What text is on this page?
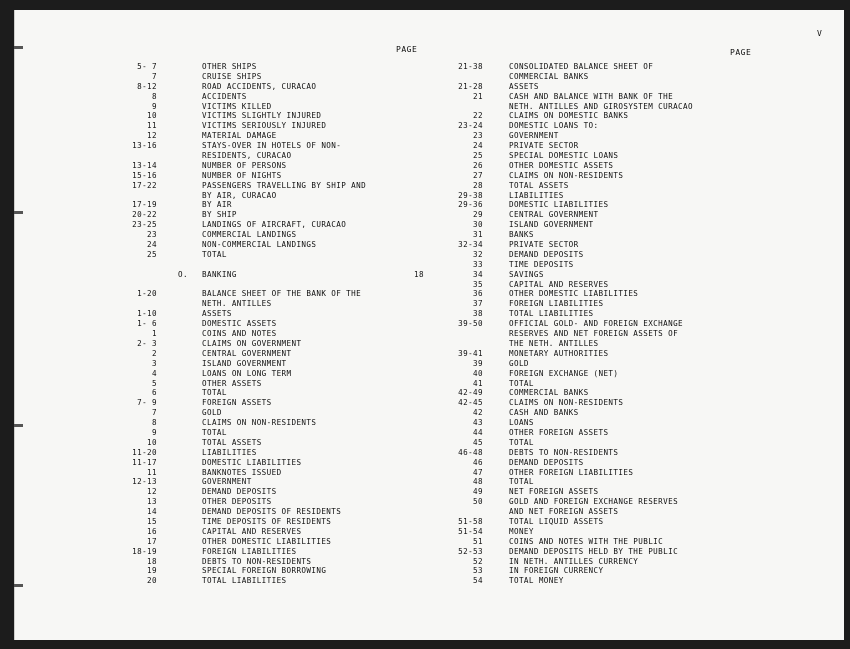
V
PAGE	PAGE
5- 7	OTHER SHIPS
7	CRUISE SHIPS
8-12	ROAD ACCIDENTS, CURACAO
8	ACCIDENTS
9	VICTIMS KILLED
10	VICTIMS SLIGHTLY INJURED
11	VICTIMS SERIOUSLY INJURED
12	MATERIAL DAMAGE
13-16	STAYS-OVER IN HOTELS OF NON-
RESIDENTS, CURACAO
13-14	NUMBER OF PERSONS
15-16	NUMBER OF NIGHTS
17-22	PASSENGERS TRAVELLING BY SHIP AND
BY AIR, CURACAO
17-19	BY AIR
20-22	BY SHIP
23-25	LANDINGS OF AIRCRAFT, CURACAO
23	COMMERCIAL LANDINGS
24	NON-COMMERCIAL LANDINGS
25	TOTAL
O. BANKING	18
1-20	BALANCE SHEET OF THE BANK OF THE
NETH. ANTILLES
1-10	ASSETS
1- 6	DOMESTIC ASSETS
1	COINS AND NOTES
2- 3	CLAIMS ON GOVERNMENT
2	CENTRAL GOVERNMENT
3	ISLAND GOVERNMENT
4	LOANS ON LONG TERM
5	OTHER ASSETS
6	TOTAL
7- 9	FOREIGN ASSETS
7	GOLD
8	CLAIMS ON NON-RESIDENTS
9	TOTAL
10	TOTAL ASSETS
11-20	LIABILITIES
11-17	DOMESTIC LIABILITIES
11	BANKNOTES ISSUED
12-13	GOVERNMENT
12	DEMAND DEPOSITS
13	OTHER DEPOSITS
14	DEMAND DEPOSITS OF RESIDENTS
15	TIME DEPOSITS OF RESIDENTS
16	CAPITAL AND RESERVES
17	OTHER DOMESTIC LIABILITIES
18-19	FOREIGN LIABILITIES
18	DEBTS TO NON-RESIDENTS
19	SPECIAL FOREIGN BORROWING
20	TOTAL LIABILITIES
21-38	CONSOLIDATED BALANCE SHEET OF
COMMERCIAL BANKS
21-28	ASSETS
21	CASH AND BALANCE WITH BANK OF THE
NETH. ANTILLES AND GIROSYSTEM CURACAO
22	CLAIMS ON DOMESTIC BANKS
23-24	DOMESTIC LOANS TO:
23	GOVERNMENT
24	PRIVATE SECTOR
25	SPECIAL DOMESTIC LOANS
26	OTHER DOMESTIC ASSETS
27	CLAIMS ON NON-RESIDENTS
28	TOTAL ASSETS
29-38	LIABILITIES
29-36	DOMESTIC LIABILITIES
29	CENTRAL GOVERNMENT
30	ISLAND GOVERNMENT
31	BANKS
32-34	PRIVATE SECTOR
32	DEMAND DEPOSITS
33	TIME DEPOSITS
34	SAVINGS
35	CAPITAL AND RESERVES
36	OTHER DOMESTIC LIABILITIES
37	FOREIGN LIABILITIES
38	TOTAL LIABILITIES
39-50	OFFICIAL GOLD- AND FOREIGN EXCHANGE
RESERVES AND NET FOREIGN ASSETS OF
THE NETH. ANTILLES
39-41	MONETARY AUTHORITIES
39	GOLD
40	FOREIGN EXCHANGE (NET)
41	TOTAL
42-49	COMMERCIAL BANKS
42-45	CLAIMS ON NON-RESIDENTS
42	CASH AND BANKS
43	LOANS
44	OTHER FOREIGN ASSETS
45	TOTAL
46-48	DEBTS TO NON-RESIDENTS
46	DEMAND DEPOSITS
47	OTHER FOREIGN LIABILITIES
48	TOTAL
49	NET FOREIGN ASSETS
50	GOLD AND FOREIGN EXCHANGE RESERVES
AND NET FOREIGN ASSETS
51-58	TOTAL LIQUID ASSETS
51-54	MONEY
51	COINS AND NOTES WITH THE PUBLIC
52-53	DEMAND DEPOSITS HELD BY THE PUBLIC
52	IN NETH. ANTILLES CURRENCY
53	IN FOREIGN CURRENCY
54	TOTAL MONEY
